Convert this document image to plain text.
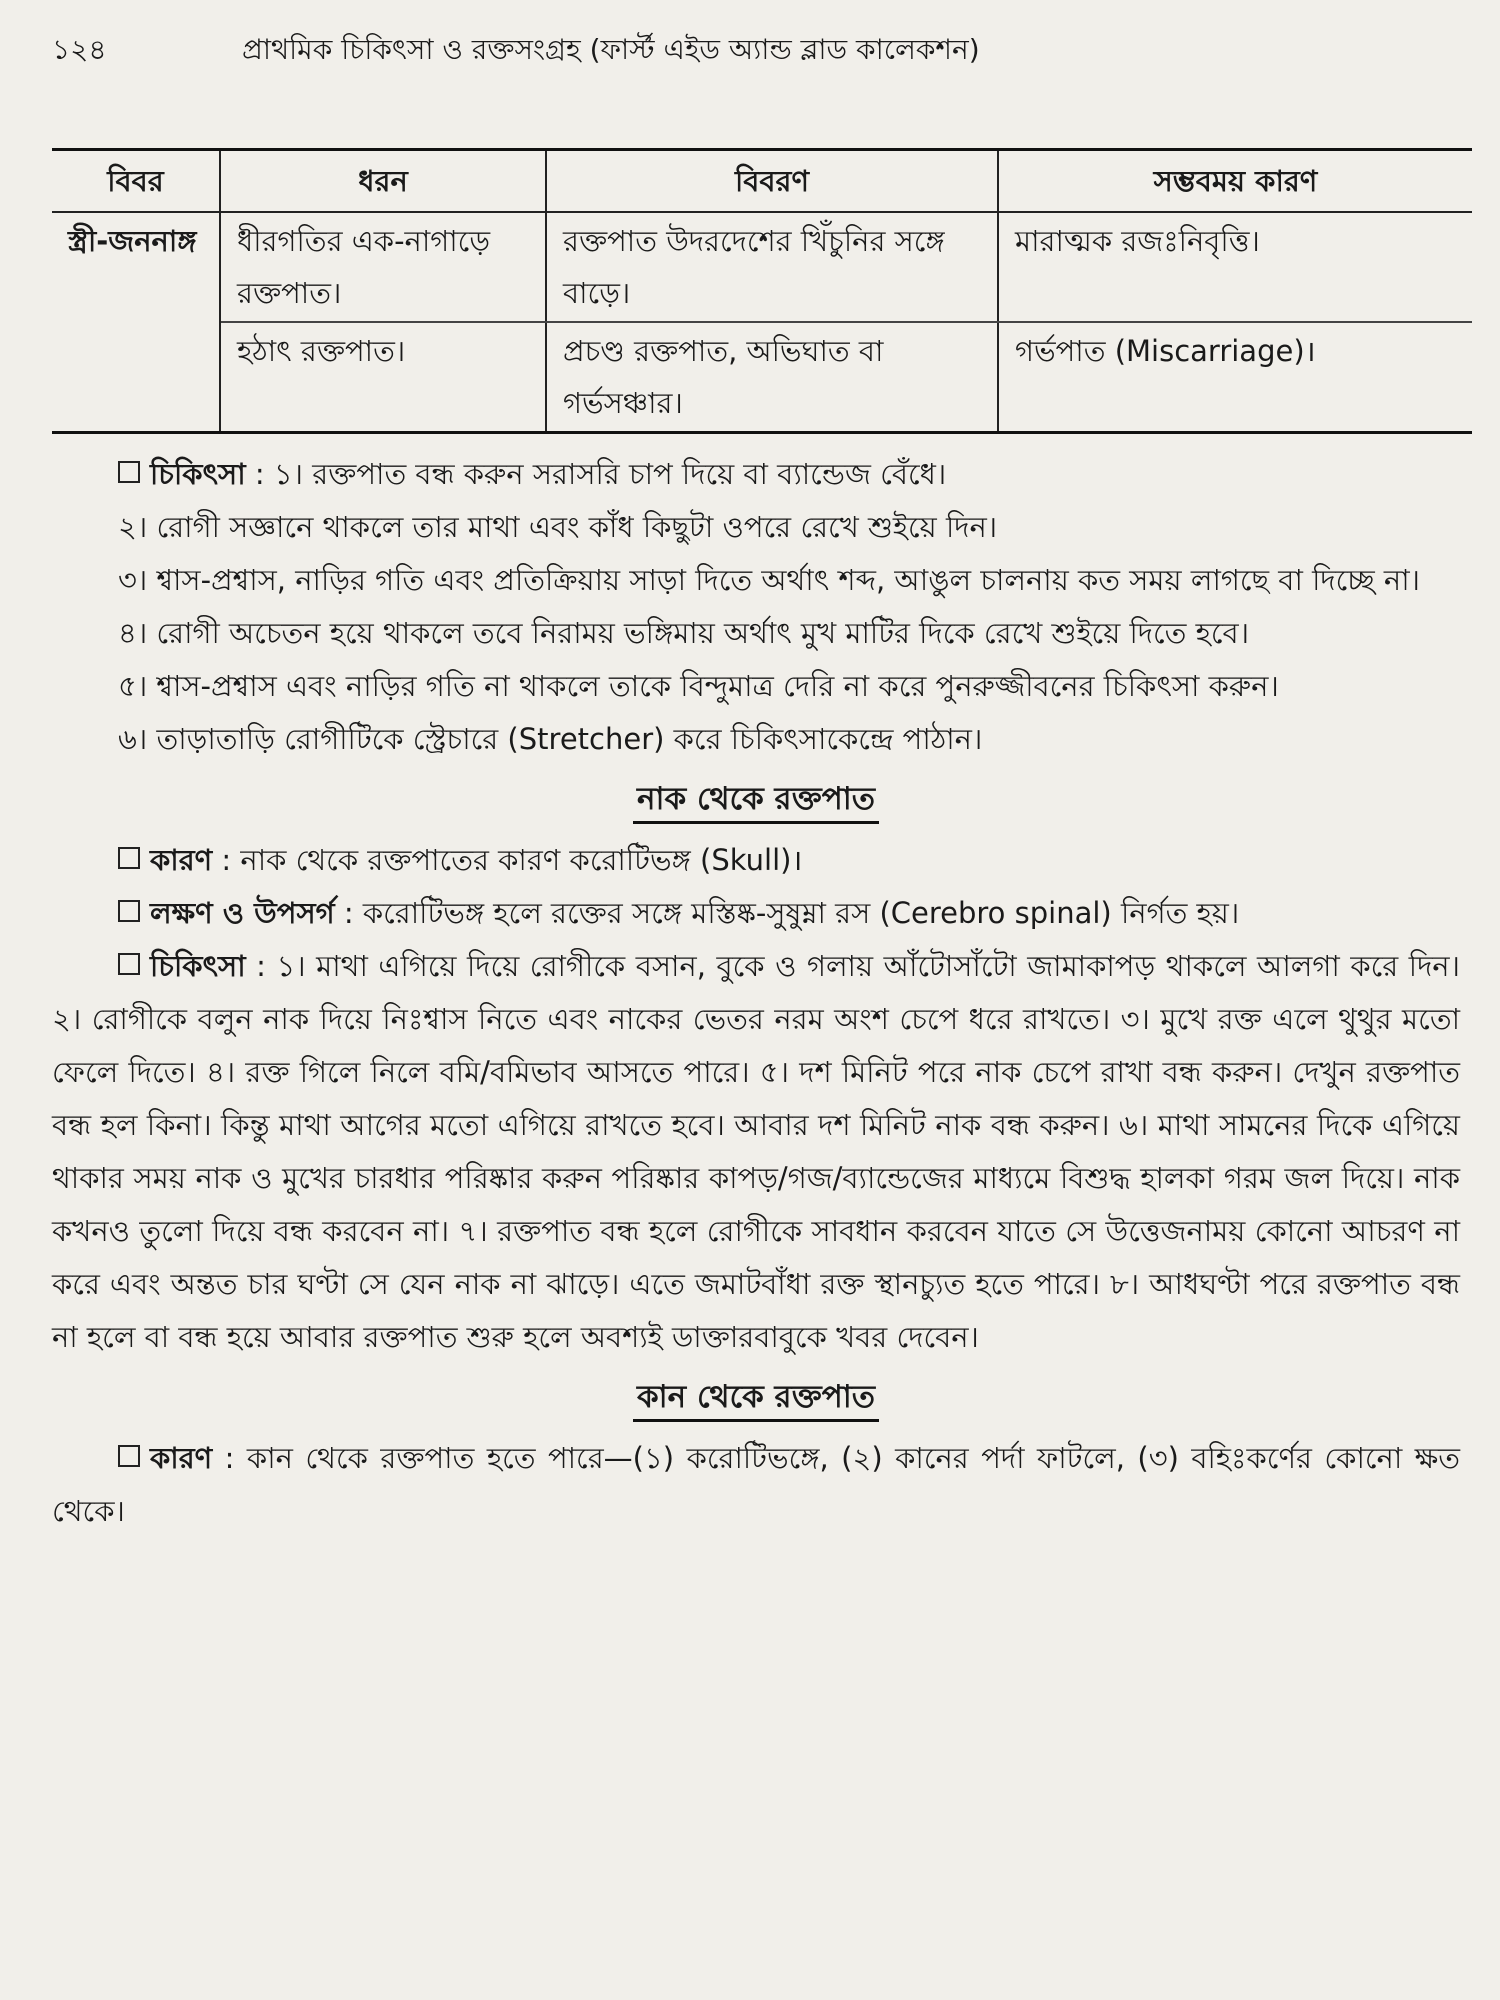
১২৪	প্রাথমিক চিকিৎসা ও রক্তসংগ্রহ (ফার্স্ট এইড অ্যান্ড ব্লাড কালেকশন)
বিবর	ধরন	বিবরণ	সম্ভবময় কারণ
স্ত্রী-জননাঙ্গ	ধীরগতির এক-নাগাড়ে রক্তপাত।	রক্তপাত উদরদেশের খিঁচুনির সঙ্গে বাড়ে।	মারাত্মক রজঃনিবৃত্তি।
	হঠাৎ রক্তপাত।	প্রচণ্ড রক্তপাত, অভিঘাত বা গর্ভসঞ্চার।	গর্ভপাত (Miscarriage)।

চিকিৎসা : ১। রক্তপাত বন্ধ করুন সরাসরি চাপ দিয়ে বা ব্যান্ডেজ বেঁধে।

২। রোগী সজ্ঞানে থাকলে তার মাথা এবং কাঁধ কিছুটা ওপরে রেখে শুইয়ে দিন।

৩। শ্বাস-প্রশ্বাস, নাড়ির গতি এবং প্রতিক্রিয়ায় সাড়া দিতে অর্থাৎ শব্দ, আঙুল চালনায় কত সময় লাগছে বা দিচ্ছে না।

৪। রোগী অচেতন হয়ে থাকলে তবে নিরাময় ভঙ্গিমায় অর্থাৎ মুখ মাটির দিকে রেখে শুইয়ে দিতে হবে।

৫। শ্বাস-প্রশ্বাস এবং নাড়ির গতি না থাকলে তাকে বিন্দুমাত্র দেরি না করে পুনরুজ্জীবনের চিকিৎসা করুন।

৬। তাড়াতাড়ি রোগীটিকে স্ট্রেচারে (Stretcher) করে চিকিৎসাকেন্দ্রে পাঠান।

নাক থেকে রক্তপাত

কারণ : নাক থেকে রক্তপাতের কারণ করোটিভঙ্গ (Skull)।

লক্ষণ ও উপসর্গ : করোটিভঙ্গ হলে রক্তের সঙ্গে মস্তিষ্ক-সুষুম্না রস (Cerebro spinal) নির্গত হয়।

চিকিৎসা : ১। মাথা এগিয়ে দিয়ে রোগীকে বসান, বুকে ও গলায় আঁটোসাঁটো জামাকাপড় থাকলে আলগা করে দিন। ২। রোগীকে বলুন নাক দিয়ে নিঃশ্বাস নিতে এবং নাকের ভেতর নরম অংশ চেপে ধরে রাখতে। ৩। মুখে রক্ত এলে থুথুর মতো ফেলে দিতে। ৪। রক্ত গিলে নিলে বমি/বমিভাব আসতে পারে। ৫। দশ মিনিট পরে নাক চেপে রাখা বন্ধ করুন। দেখুন রক্তপাত বন্ধ হল কিনা। কিন্তু মাথা আগের মতো এগিয়ে রাখতে হবে। আবার দশ মিনিট নাক বন্ধ করুন। ৬। মাথা সামনের দিকে এগিয়ে থাকার সময় নাক ও মুখের চারধার পরিষ্কার করুন পরিষ্কার কাপড়/গজ/ব্যান্ডেজের মাধ্যমে বিশুদ্ধ হালকা গরম জল দিয়ে। নাক কখনও তুলো দিয়ে বন্ধ করবেন না। ৭। রক্তপাত বন্ধ হলে রোগীকে সাবধান করবেন যাতে সে উত্তেজনাময় কোনো আচরণ না করে এবং অন্তত চার ঘণ্টা সে যেন নাক না ঝাড়ে। এতে জমাটবাঁধা রক্ত স্থানচ্যুত হতে পারে। ৮। আধঘণ্টা পরে রক্তপাত বন্ধ না হলে বা বন্ধ হয়ে আবার রক্তপাত শুরু হলে অবশ্যই ডাক্তারবাবুকে খবর দেবেন।

কান থেকে রক্তপাত

কারণ : কান থেকে রক্তপাত হতে পারে—(১) করোটিভঙ্গে, (২) কানের পর্দা ফাটলে, (৩) বহিঃকর্ণের কোনো ক্ষত থেকে।
